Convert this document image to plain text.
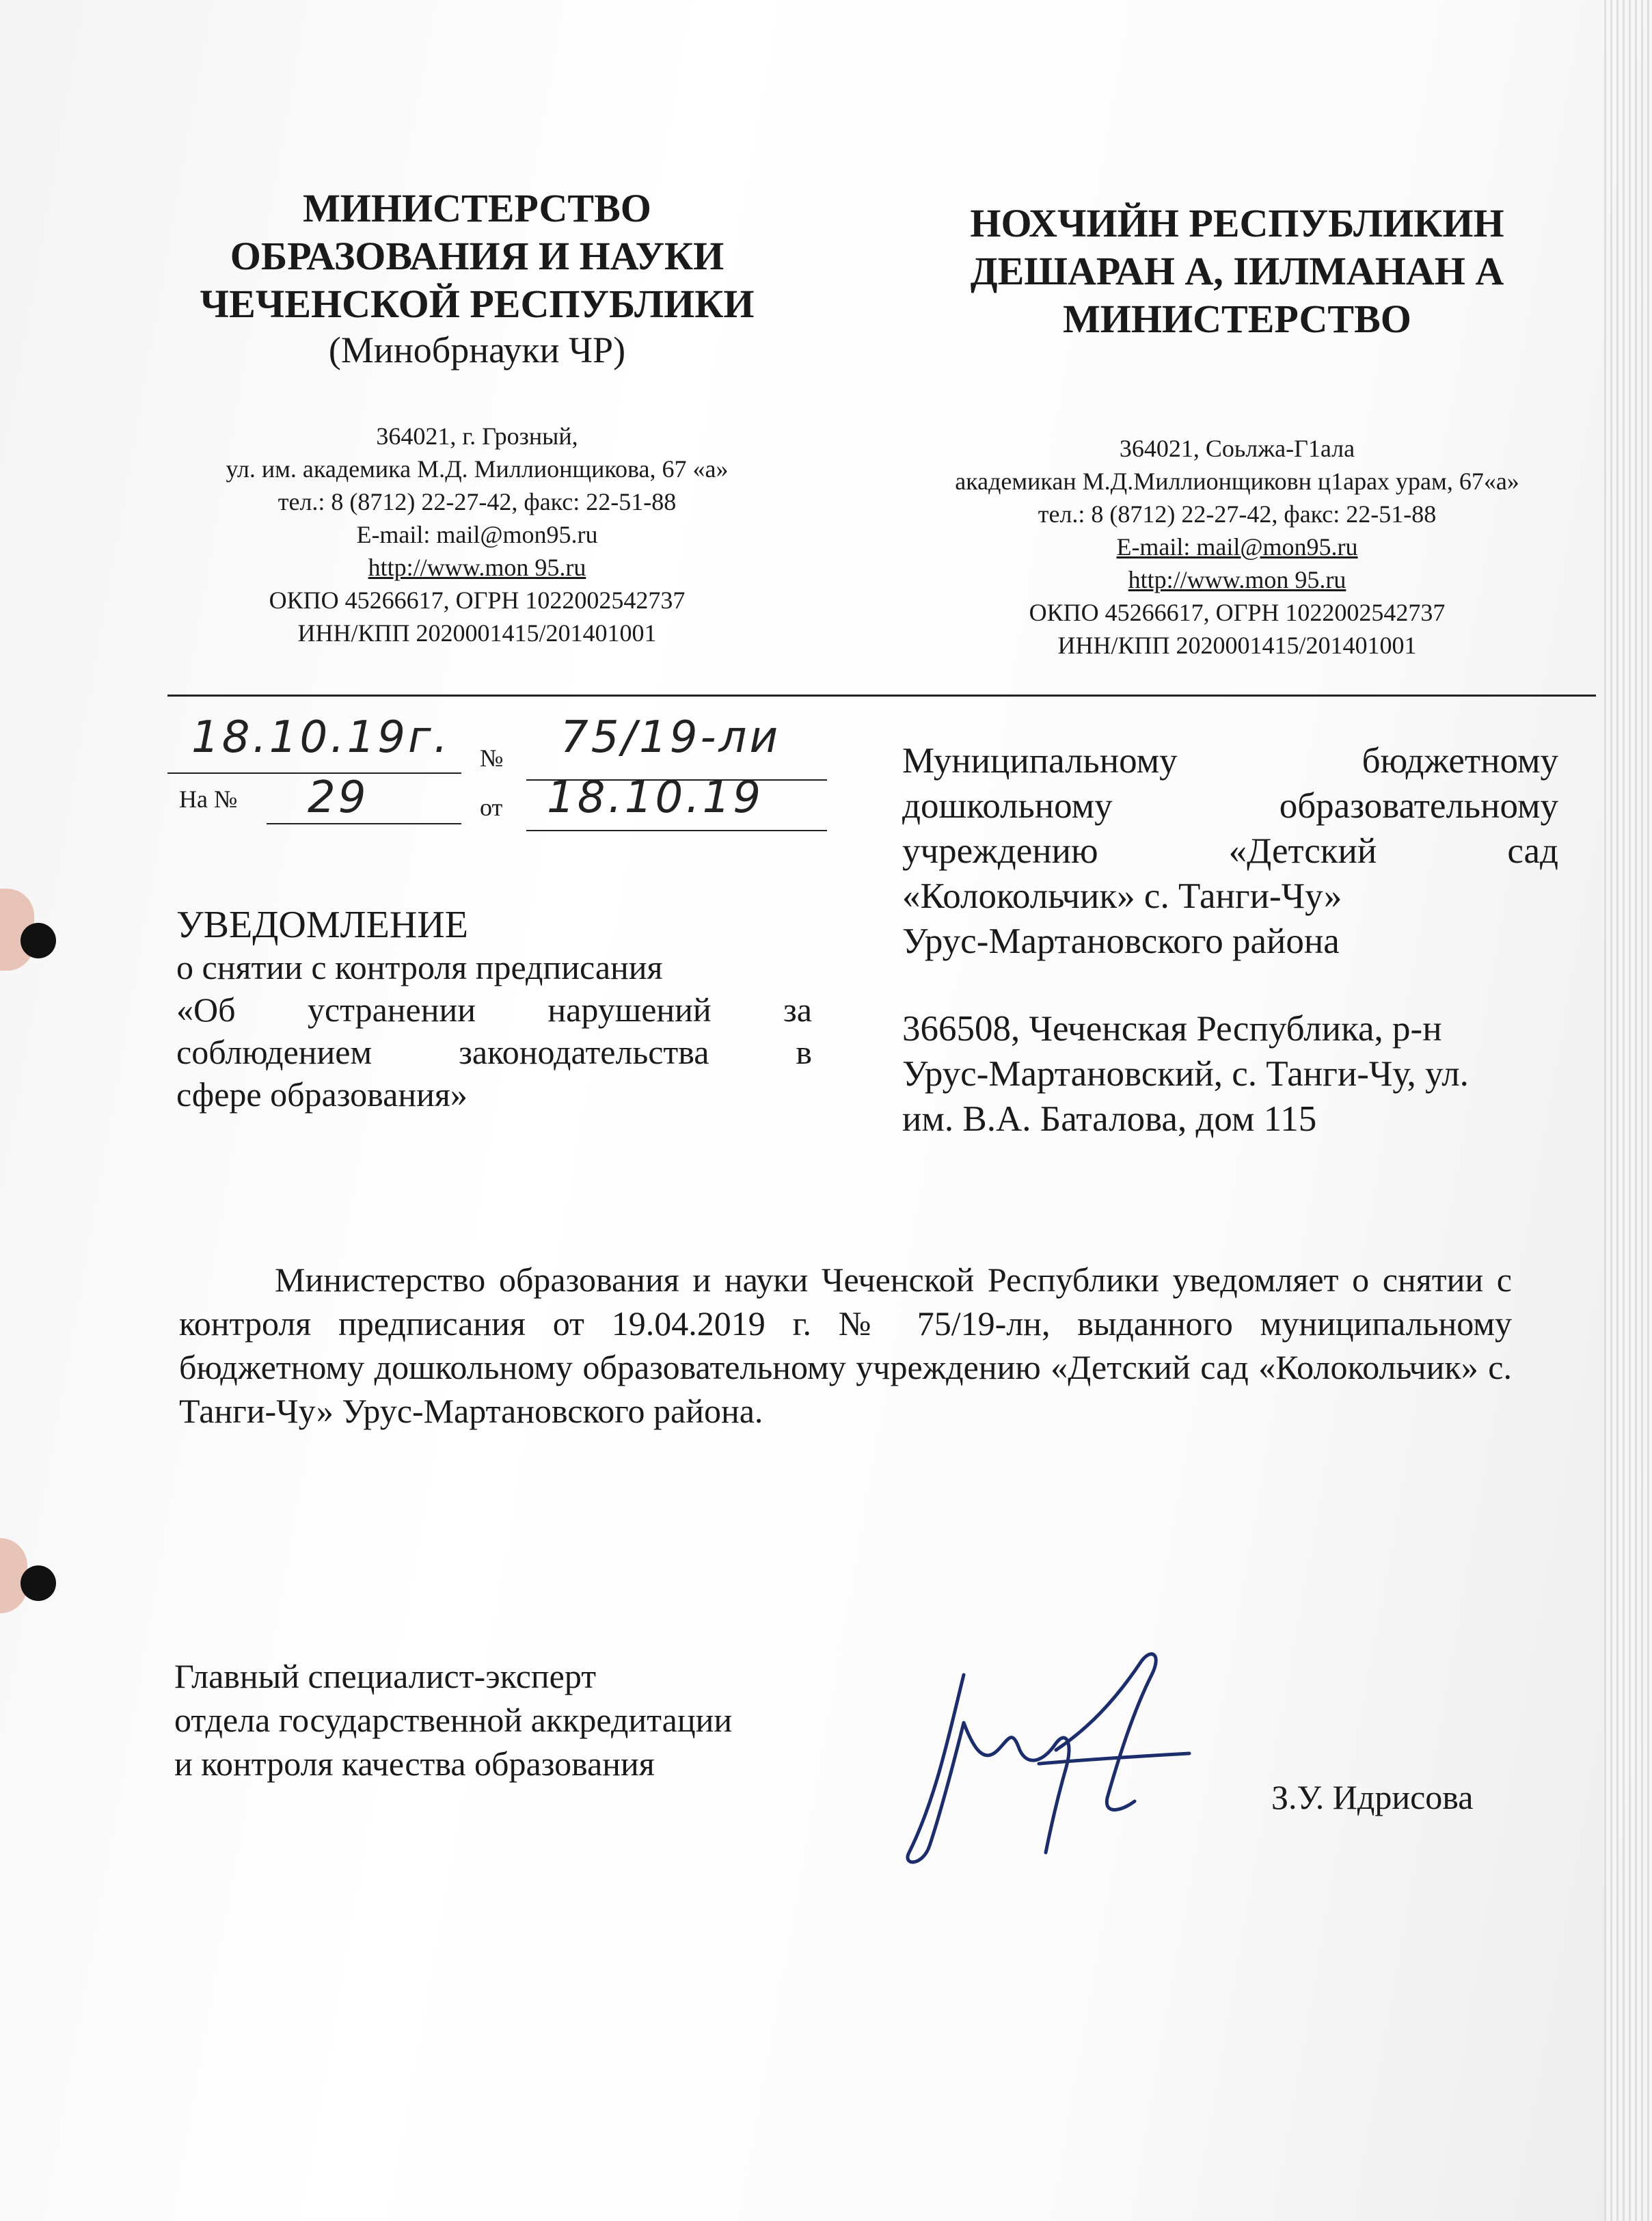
МИНИСТЕРСТВО
ОБРАЗОВАНИЯ И НАУКИ
ЧЕЧЕНСКОЙ РЕСПУБЛИКИ
(Минобрнауки ЧР)
364021, г. Грозный,
ул. им. академика М.Д. Миллионщикова, 67 «а»
тел.: 8 (8712) 22-27-42, факс: 22-51-88
E-mail: mail@mon95.ru
http://www.mon 95.ru
ОКПО 45266617, ОГРН 1022002542737
ИНН/КПП 2020001415/201401001
НОХЧИЙН РЕСПУБЛИКИН
ДЕШАРАН А, ІИЛМАНАН А
МИНИСТЕРСТВО
364021, Соьлжа-Г1ала
академикан М.Д.Миллионщиковн ц1арах урам, 67«а»
тел.: 8 (8712) 22-27-42, факс: 22-51-88
E-mail: mail@mon95.ru
http://www.mon 95.ru
ОКПО 45266617, ОГРН 1022002542737
ИНН/КПП 2020001415/201401001
18.10.19г. № 75/19-ли
На № 29	от 18.10.19
Муниципальному бюджетному
дошкольному образовательному
учреждению «Детский сад
«Колокольчик» с. Танги-Чу»
Урус-Мартановского района
366508, Чеченская Республика, р-н
Урус-Мартановский, с. Танги-Чу, ул.
им. В.А. Баталова, дом 115
УВЕДОМЛЕНИЕ
о снятии с контроля предписания
«Об устранении нарушений за
соблюдением законодательства в
сфере образования»
Министерство образования и науки Чеченской Республики уведомляет о снятии с контроля предписания от 19.04.2019 г. № 75/19-лн, выданного муниципальному бюджетному дошкольному образовательному учреждению «Детский сад «Колокольчик» с. Танги-Чу» Урус-Мартановского района.
Главный специалист-эксперт
отдела государственной аккредитации
и контроля качества образования
З.У. Идрисова
